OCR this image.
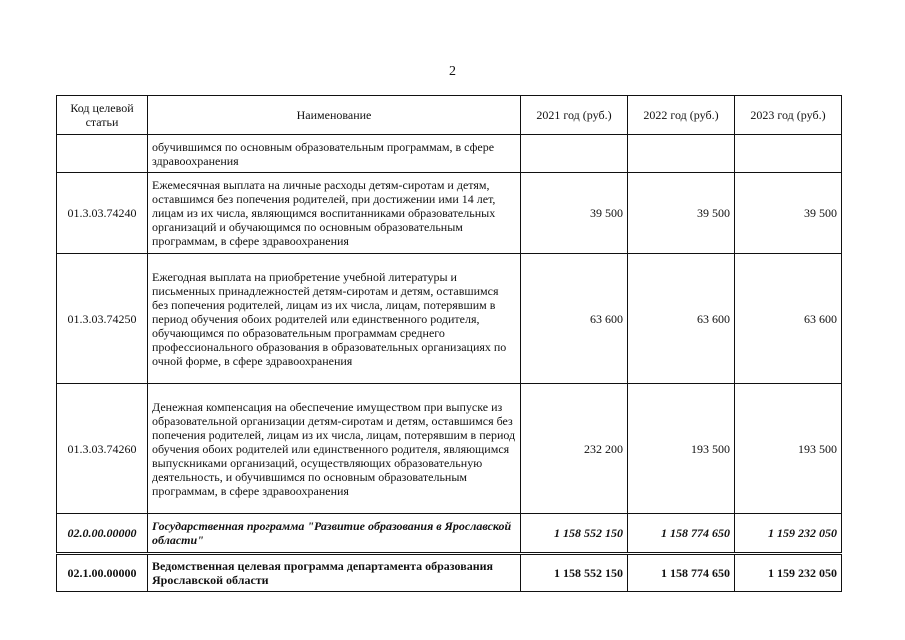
2
Код целевой статьи	Наименование	2021 год (руб.)	2022 год (руб.)	2023 год (руб.)
	обучившимся по основным образовательным программам, в сфере здравоохранения			
01.3.03.74240	Ежемесячная выплата на личные расходы детям-сиротам и детям, оставшимся без попечения родителей, при достижении ими 14 лет, лицам из их числа, являющимся воспитанниками образовательных организаций и обучающимся по основным образовательным программам, в сфере здравоохранения	39 500	39 500	39 500
01.3.03.74250	Ежегодная выплата на приобретение учебной литературы и письменных принадлежностей детям-сиротам и детям, оставшимся без попечения родителей, лицам из их числа, лицам, потерявшим в период обучения обоих родителей или единственного родителя, обучающимся по образовательным программам среднего профессионального образования в образовательных организациях по очной форме, в сфере здравоохранения	63 600	63 600	63 600
01.3.03.74260	Денежная компенсация на обеспечение имуществом при выпуске из образовательной организации детям-сиротам и детям, оставшимся без попечения родителей, лицам из их числа, лицам, потерявшим в период обучения обоих родителей или единственного родителя, являющимся выпускниками организаций, осуществляющих образовательную деятельность, и обучившимся по основным образовательным программам, в сфере здравоохранения	232 200	193 500	193 500
02.0.00.00000	Государственная программа "Развитие образования в Ярославской области"	1 158 552 150	1 158 774 650	1 159 232 050
02.1.00.00000	Ведомственная целевая программа департамента образования Ярославской области	1 158 552 150	1 158 774 650	1 159 232 050
